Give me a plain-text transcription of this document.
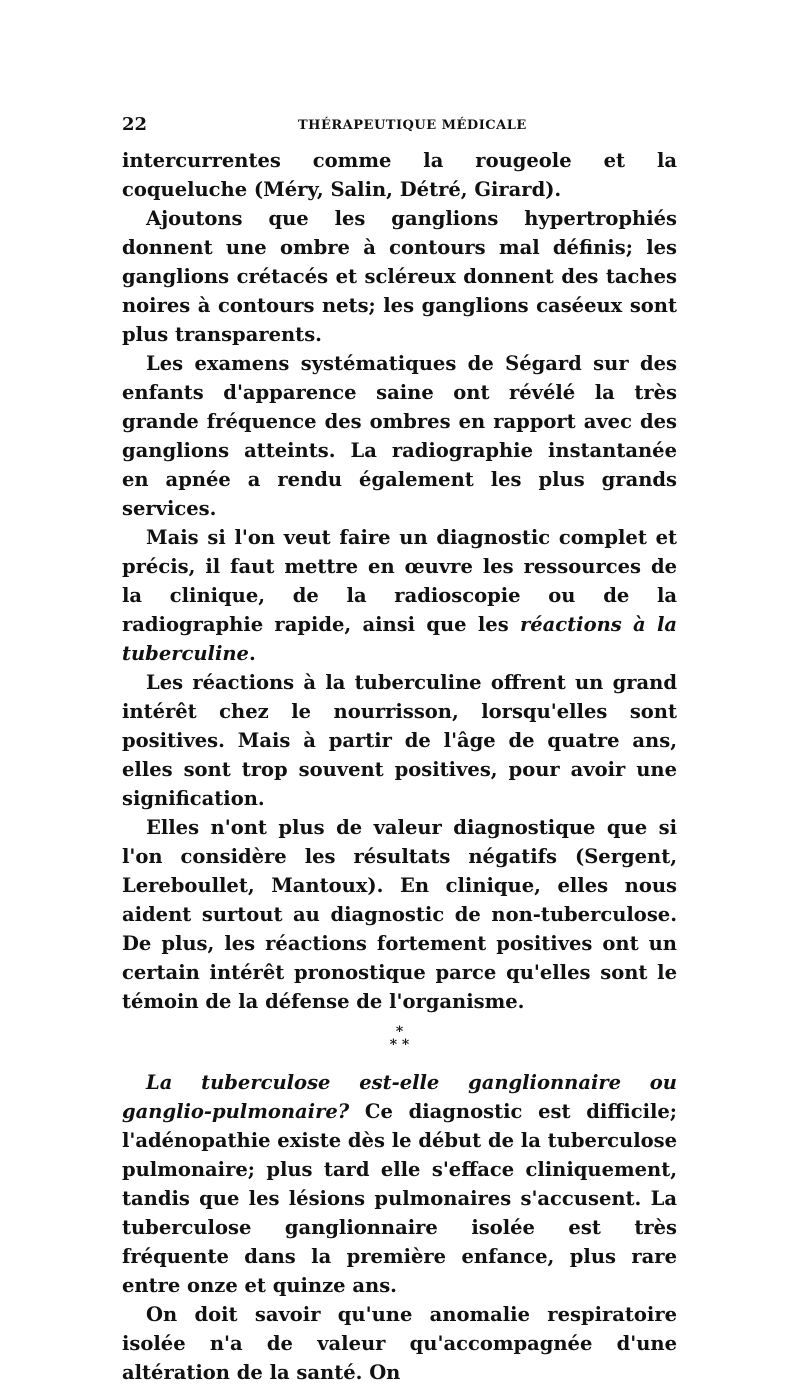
22	THÉRAPEUTIQUE MÉDICALE

intercurrentes comme la rougeole et la coqueluche (Méry, Salin, Détré, Girard).

Ajoutons que les ganglions hypertrophiés donnent une ombre à contours mal définis; les ganglions crétacés et scléreux donnent des taches noires à contours nets; les ganglions caséeux sont plus transparents.

Les examens systématiques de Ségard sur des enfants d'apparence saine ont révélé la très grande fréquence des ombres en rapport avec des ganglions atteints. La radiographie instantanée en apnée a rendu également les plus grands services.

Mais si l'on veut faire un diagnostic complet et précis, il faut mettre en œuvre les ressources de la clinique, de la radioscopie ou de la radiographie rapide, ainsi que les réactions à la tuberculine.

Les réactions à la tuberculine offrent un grand intérêt chez le nourrisson, lorsqu'elles sont positives. Mais à partir de l'âge de quatre ans, elles sont trop souvent positives, pour avoir une signification.

Elles n'ont plus de valeur diagnostique que si l'on considère les résultats négatifs (Sergent, Lereboullet, Mantoux). En clinique, elles nous aident surtout au diagnostic de non-tuberculose. De plus, les réactions fortement positives ont un certain intérêt pronostique parce qu'elles sont le témoin de la défense de l'organisme.

*
* *

La tuberculose est-elle ganglionnaire ou ganglio-pulmonaire? Ce diagnostic est difficile; l'adénopathie existe dès le début de la tuberculose pulmonaire; plus tard elle s'efface cliniquement, tandis que les lésions pulmonaires s'accusent. La tuberculose ganglionnaire isolée est très fréquente dans la première enfance, plus rare entre onze et quinze ans.

On doit savoir qu'une anomalie respiratoire isolée n'a de valeur qu'accompagnée d'une altération de la santé. On
